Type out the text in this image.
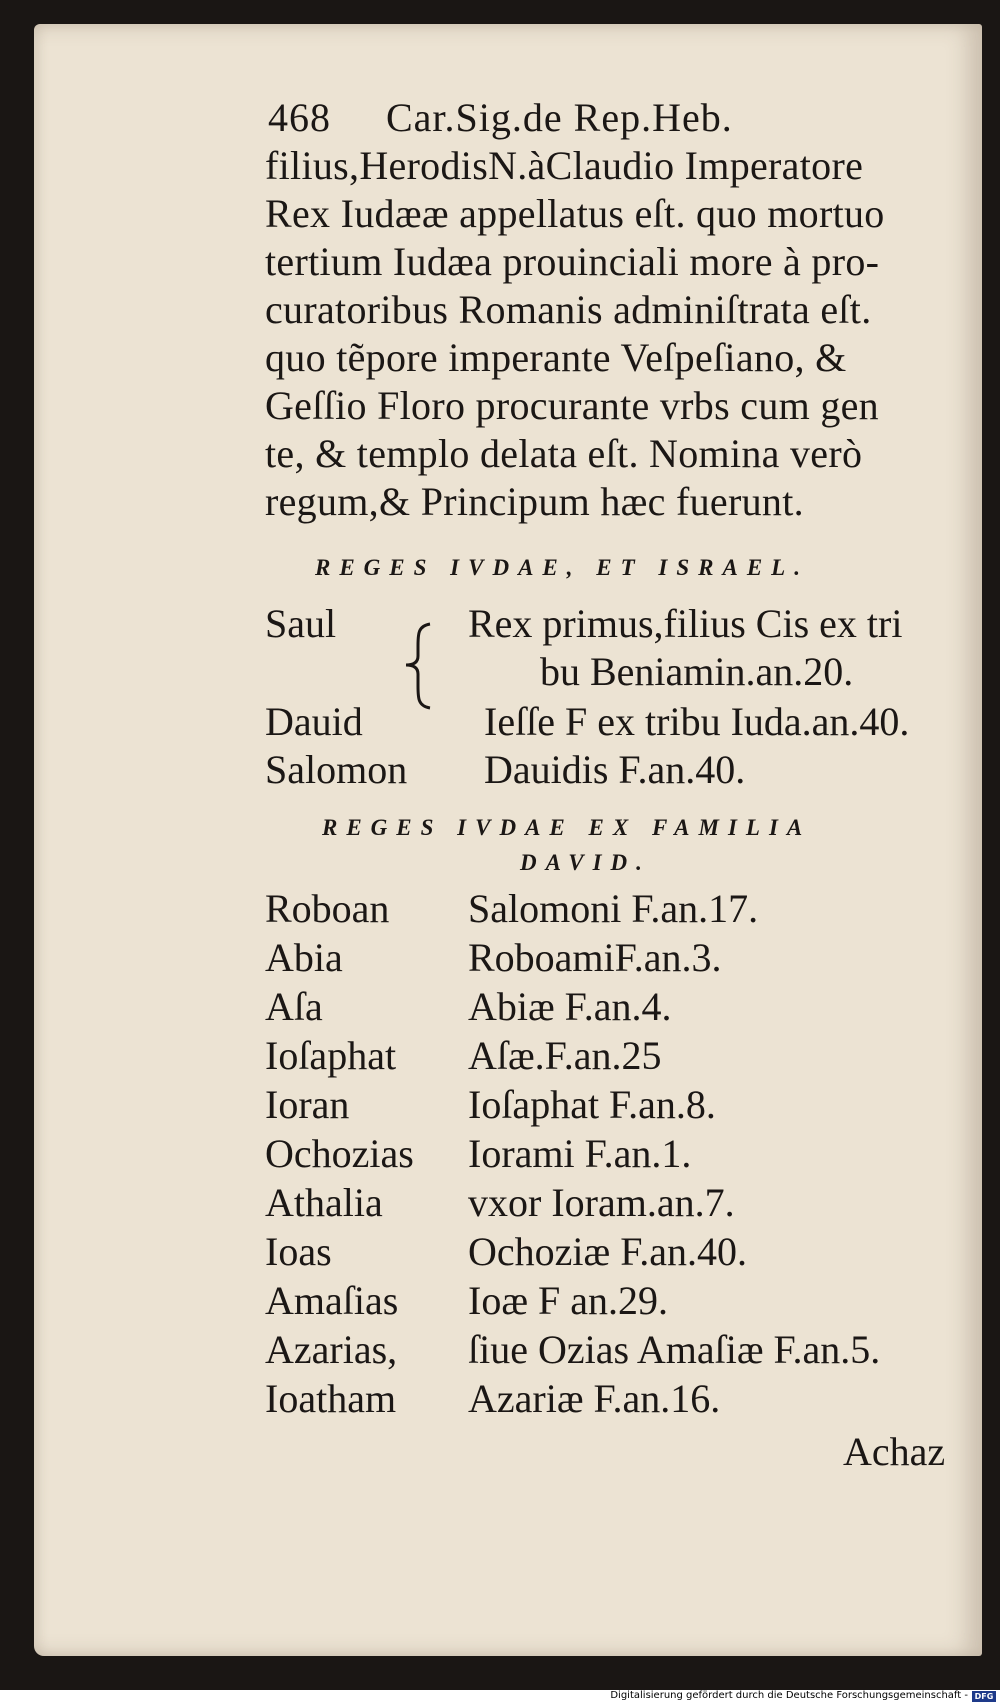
468 Car.Sig.de Rep.Heb.
filius,HerodisN.àClaudio Imperatore
Rex Iudææ appellatus eſt. quo mortuo
tertium Iudæa prouinciali more à pro-
curatoribus Romanis adminiſtrata eſt.
quo tẽpore imperante Veſpeſiano, &
Geſſio Floro procurante vrbs cum gen
te, & templo delata eſt. Nomina verò
regum,& Principum hæc fuerunt.
REGES IVDAE, ET ISRAEL.
Saul	Rex primus,filius Cis ex tri
bu Beniamin.an.20.
Dauid	Ieſſe F ex tribu Iuda.an.40.
Salomon Dauidis F.an.40.
REGES IVDAE EX FAMILIA
DAVID.
Roboan Salomoni F.an.17.
Abia	RoboamiF.an.3.
Aſa	Abiæ F.an.4.
Ioſaphat Aſæ.F.an.25
Ioran	Ioſaphat F.an.8.
Ochozias Iorami F.an.1.
Athalia vxor Ioram.an.7.
Ioas	Ochoziæ F.an.40.
Amaſias Ioæ F an.29.
Azarias, ſiue Ozias Amaſiæ F.an.5.
Ioatham Azariæ F.an.16.
Achaz
Digitalisierung gefördert durch die Deutsche Forschungsgemeinschaft - DFG
